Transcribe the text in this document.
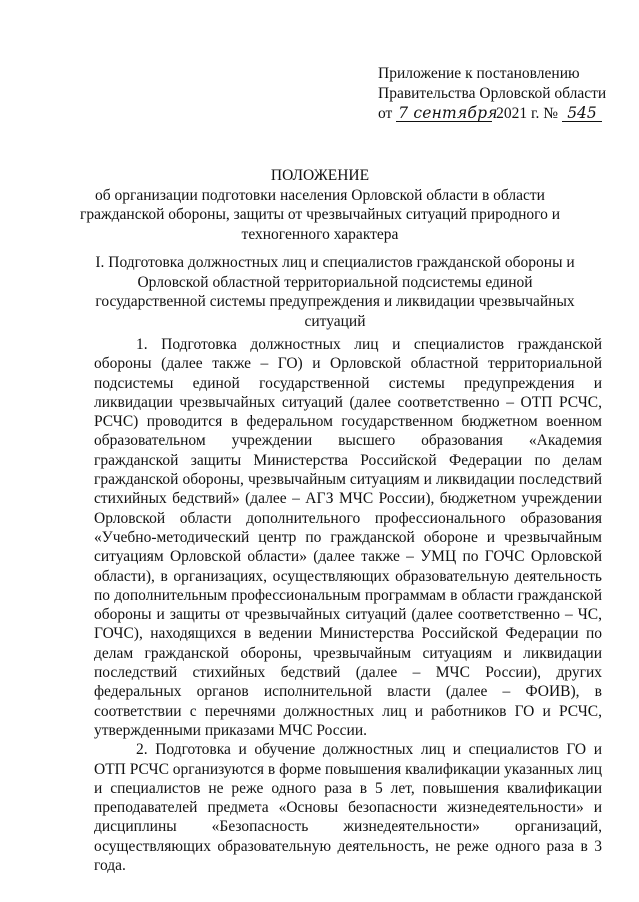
Приложение к постановлению
Правительства Орловской области
от 7 сентября 2021 г. № 545
ПОЛОЖЕНИЕ
об организации подготовки населения Орловской области в области гражданской обороны, защиты от чрезвычайных ситуаций природного и техногенного характера
I. Подготовка должностных лиц и специалистов гражданской обороны и Орловской областной территориальной подсистемы единой государственной системы предупреждения и ликвидации чрезвычайных ситуаций

1. Подготовка должностных лиц и специалистов гражданской обороны (далее также – ГО) и Орловской областной территориальной подсистемы единой государственной системы предупреждения и ликвидации чрезвычайных ситуаций (далее соответственно – ОТП РСЧС, РСЧС) проводится в федеральном государственном бюджетном военном образовательном учреждении высшего образования «Академия гражданской защиты Министерства Российской Федерации по делам гражданской обороны, чрезвычайным ситуациям и ликвидации последствий стихийных бедствий» (далее – АГЗ МЧС России), бюджетном учреждении Орловской области дополнительного профессионального образования «Учебно-методический центр по гражданской обороне и чрезвычайным ситуациям Орловской области» (далее также – УМЦ по ГОЧС Орловской области), в организациях, осуществляющих образовательную деятельность по дополнительным профессиональным программам в области гражданской обороны и защиты от чрезвычайных ситуаций (далее соответственно – ЧС, ГОЧС), находящихся в ведении Министерства Российской Федерации по делам гражданской обороны, чрезвычайным ситуациям и ликвидации последствий стихийных бедствий (далее – МЧС России), других федеральных органов исполнительной власти (далее – ФОИВ), в соответствии с перечнями должностных лиц и работников ГО и РСЧС, утвержденными приказами МЧС России.

2. Подготовка и обучение должностных лиц и специалистов ГО и ОТП РСЧС организуются в форме повышения квалификации указанных лиц и специалистов не реже одного раза в 5 лет, повышения квалификации преподавателей предмета «Основы безопасности жизнедеятельности» и дисциплины «Безопасность жизнедеятельности» организаций, осуществляющих образовательную деятельность, не реже одного раза в 3 года.
